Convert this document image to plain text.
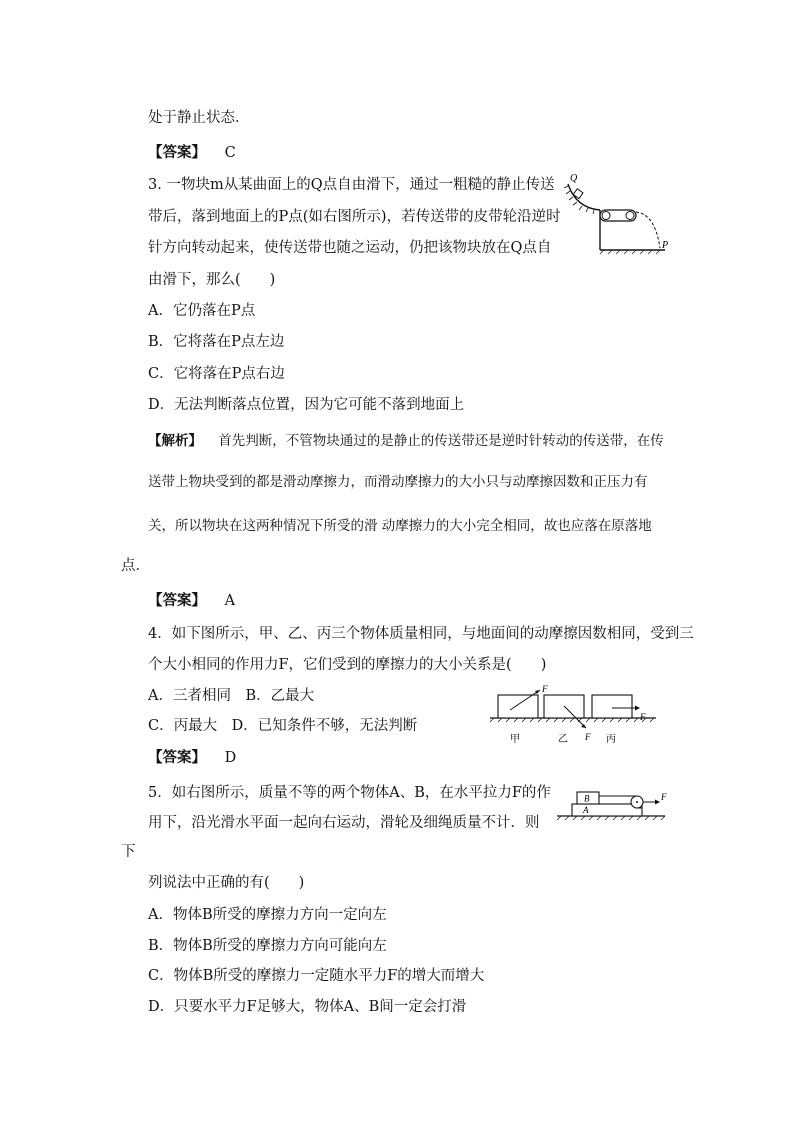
处于静止状态．
【答案】 C
3. 一物块m从某曲面上的Q点自由滑下，通过一粗糙的静止传送
带后，落到地面上的P点(如右图所示)，若传送带的皮带轮沿逆时
针方向转动起来，使传送带也随之运动，仍把该物块放在Q点自
由滑下，那么(　　)
A．它仍落在P点
B．它将落在P点左边
C．它将落在P点右边
D．无法判断落点位置，因为它可能不落到地面上
【解析】 首先判断，不管物块通过的是静止的传送带还是逆时针转动的传送带，在传
送带上物块受到的都是滑动摩擦力，而滑动摩擦力的大小只与动摩擦因数和正压力有
关，所以物块在这两种情况下所受的滑 动摩擦力的大小完全相同，故也应落在原落地
点．
【答案】 A
4．如下图所示，甲、乙、丙三个物体质量相同，与地面间的动摩擦因数相同，受到三
个大小相同的作用力F，它们受到的摩擦力的大小关系是(　　)
A．三者相同　B．乙最大
C．丙最大　D．已知条件不够，无法判断
【答案】 D
5．如右图所示，质量不等的两个物体A、B，在水平拉力F的作
用下，沿光滑水平面一起向右运动，滑轮及细绳质量不计．则
下
列说法中正确的有(　　)
A．物体B所受的摩擦力方向一定向左
B．物体B所受的摩擦力方向可能向左
C．物体B所受的摩擦力一定随水平力F的增大而增大
D．只要水平力F足够大，物体A、B间一定会打滑
Q
P
F
F
F
甲	乙	丙
A
B	F
